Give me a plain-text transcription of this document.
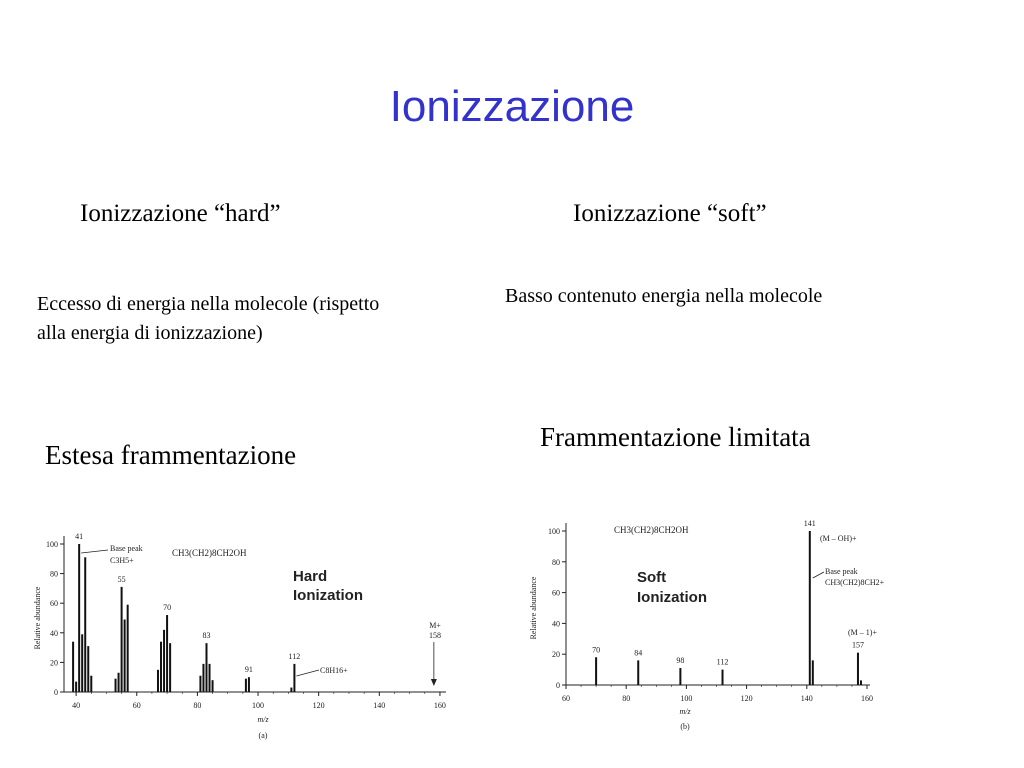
Ionizzazione
Ionizzazione “hard”	Ionizzazione “soft”
Eccesso di energia nella molecole (rispetto alla energia di ionizzazione)
Basso contenuto energia nella molecole
Estesa frammentazione
Frammentazione limitata
0
20
40
60
80
100
40	60	80	100	120	140	160
41
55
70
83
91
112
Hard Ionization
CH3(CH2)8CH2OH
Relative abundance
m/z
(a)
Base peak
C3H5+
M+
158
C8H16+
0
20
40
60
80
100
60	80	100	120	140	160
70	84
98	112
141
157
Soft Ionization
CH3(CH2)8CH2OH
Relative abundance
m/z
(b)
(M – OH)+
Base peak
CH3(CH2)8CH2+
(M – 1)+
